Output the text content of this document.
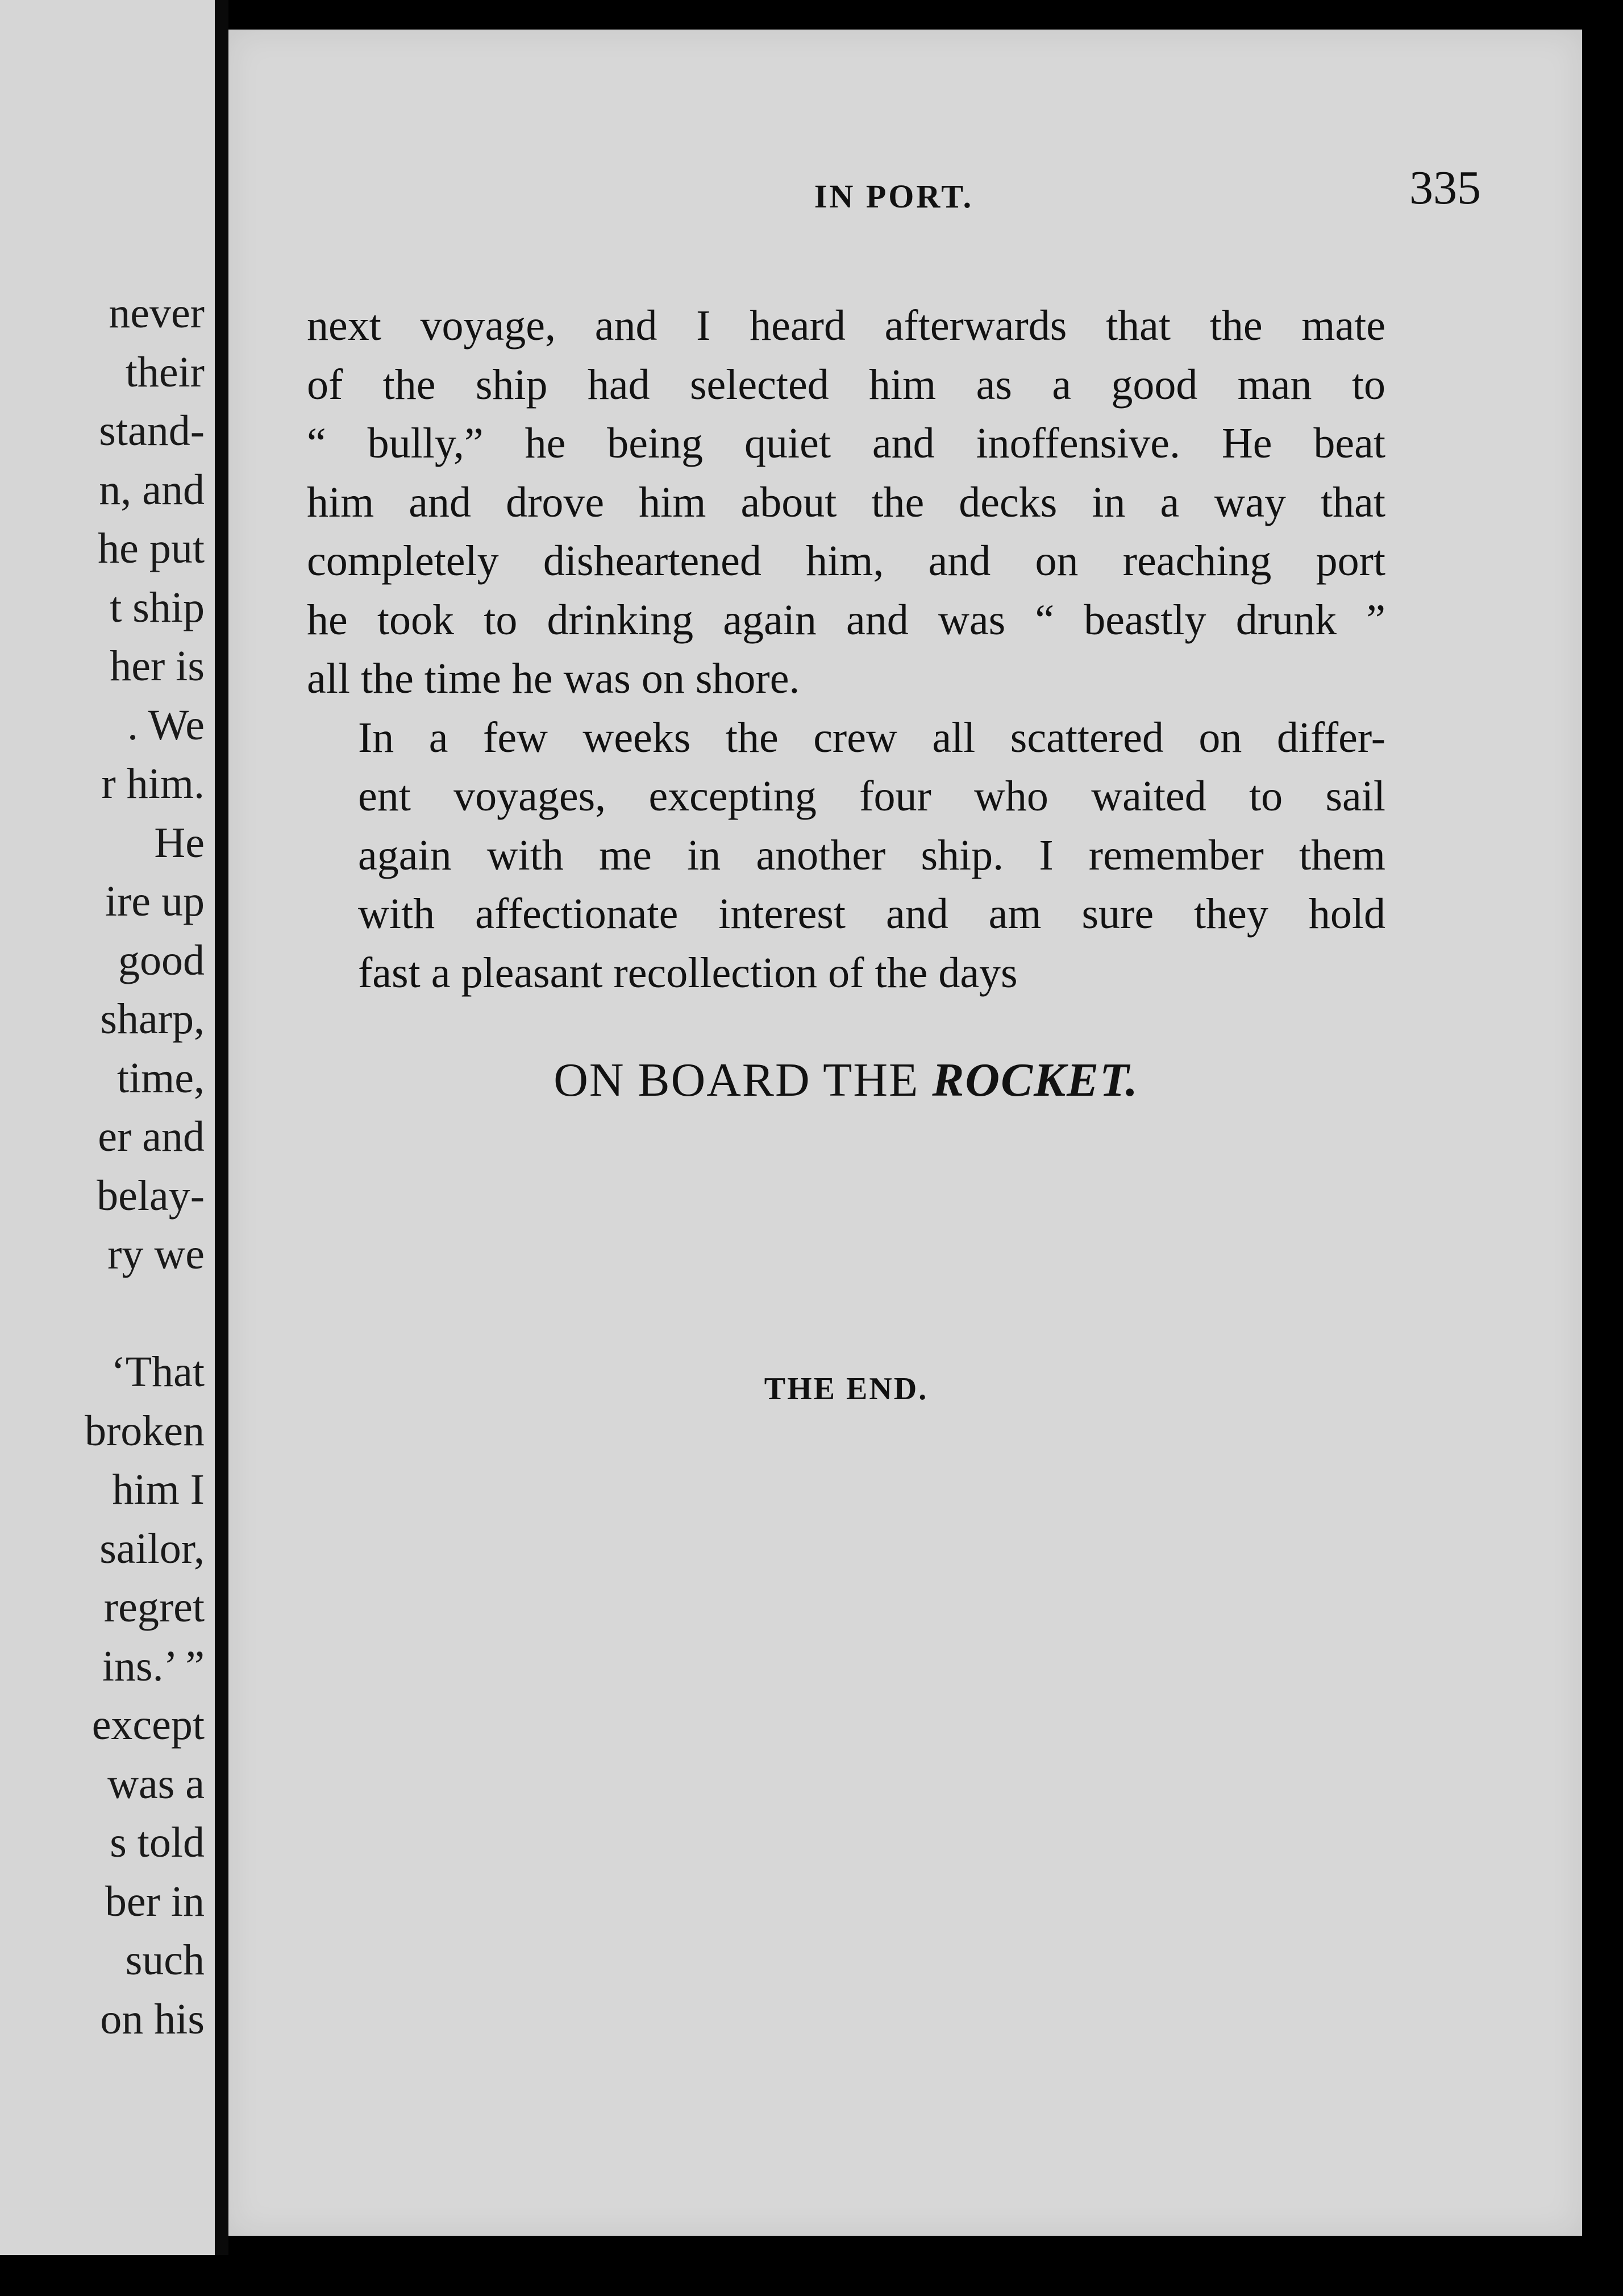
never
their
stand-
n, and
he put
t ship
her is
. We
r him.
He
ire up
good
sharp,
time,
er and
belay-
ry we
‘That
broken
him I
sailor,
regret
ins.’ ”
except
was a
s told
ber in
such
on his
IN PORT.	335

next voyage, and I heard afterwards that the mate
of the ship had selected him as a good man to
“ bully,” he being quiet and inoffensive. He beat
him and drove him about the decks in a way that
completely disheartened him, and on reaching port
he took to drinking again and was “ beastly drunk ”
all the time he was on shore.

In a few weeks the crew all scattered on differ-
ent voyages, excepting four who waited to sail
again with me in another ship. I remember them
with affectionate interest and am sure they hold
fast a pleasant recollection of the days

ON BOARD THE ROCKET.
THE END.
